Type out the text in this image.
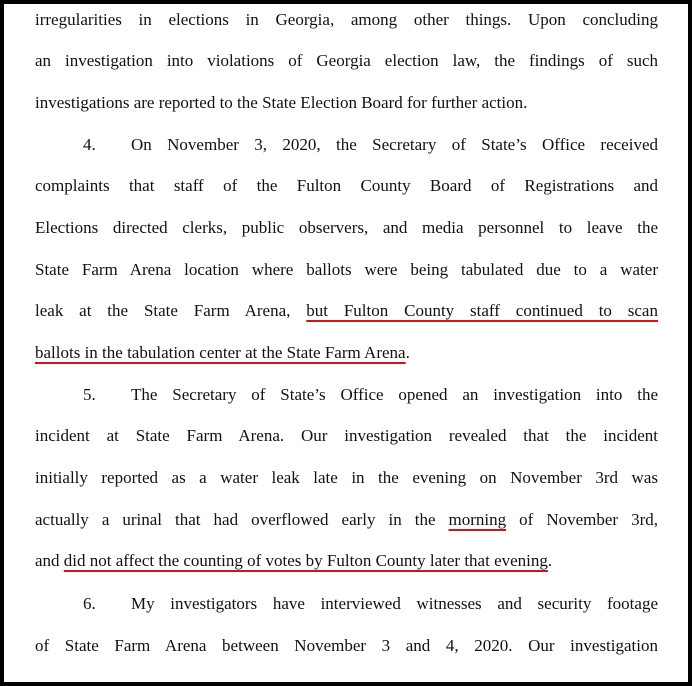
irregularities in elections in Georgia, among other things. Upon concluding
an investigation into violations of Georgia election law, the findings of such
investigations are reported to the State Election Board for further action.
4. On November 3, 2020, the Secretary of State’s Office received
complaints that staff of the Fulton County Board of Registrations and
Elections directed clerks, public observers, and media personnel to leave the
State Farm Arena location where ballots were being tabulated due to a water
leak at the State Farm Arena, but Fulton County staff continued to scan
ballots in the tabulation center at the State Farm Arena.
5. The Secretary of State’s Office opened an investigation into the
incident at State Farm Arena. Our investigation revealed that the incident
initially reported as a water leak late in the evening on November 3rd was
actually a urinal that had overflowed early in the morning of November 3rd,
and did not affect the counting of votes by Fulton County later that evening.
6. My investigators have interviewed witnesses and security footage
of State Farm Arena between November 3 and 4, 2020. Our investigation
